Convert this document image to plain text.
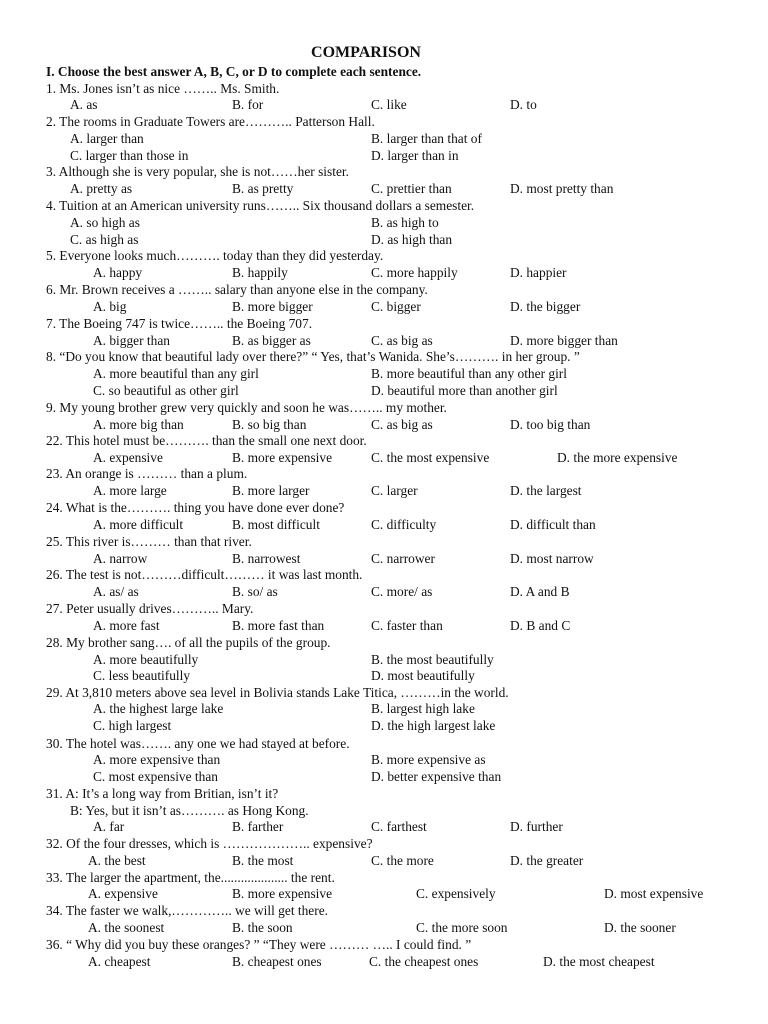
COMPARISON
I. Choose the best answer A, B, C, or D to complete each sentence.
1. Ms. Jones isn’t as nice …….. Ms. Smith.
A. as	B. for	C. like	D. to
2. The rooms in Graduate Towers are……….. Patterson Hall.
A. larger than	B. larger than that of
C. larger than those in	D. larger than in
3. Although she is very popular, she is not……her sister.
A. pretty as	B. as pretty	C. prettier than	D. most pretty than
4. Tuition at an American university runs…….. Six thousand dollars a semester.
A. so high as	B. as high to
C. as high as	D. as high than
5. Everyone looks much………. today than they did yesterday.
A. happy	B. happily	C. more happily	D. happier
6. Mr. Brown receives a …….. salary than anyone else in the company.
A. big	B. more bigger	C. bigger	D. the bigger
7. The Boeing 747 is twice…….. the Boeing 707.
A. bigger than	B. as bigger as	C. as big as	D. more bigger than
8. “Do you know that beautiful lady over there?” “ Yes, that’s Wanida. She’s………. in her group. ”
A. more beautiful than any girl	B. more beautiful than any other girl
C. so beautiful as other girl	D. beautiful more than another girl
9. My young brother grew very quickly and soon he was…….. my mother.
A. more big than	B. so big than	C. as big as	D. too big than
22. This hotel must be………. than the small one next door.
A. expensive	B. more expensive	C. the most expensive	D. the more expensive
23. An orange is ……… than a plum.
A. more large	B. more larger	C. larger	D. the largest
24. What is the………. thing you have done ever done?
A. more difficult	B. most difficult	C. difficulty	D. difficult than
25. This river is……… than that river.
A. narrow	B. narrowest	C. narrower	D. most narrow
26. The test is not………difficult……… it was last month.
A. as/ as	B. so/ as	C. more/ as	D. A and B
27. Peter usually drives……….. Mary.
A. more fast	B. more fast than	C. faster than	D. B and C
28. My brother sang…. of all the pupils of the group.
A. more beautifully	B. the most beautifully
C. less beautifully	D. most beautifully
29. At 3,810 meters above sea level in Bolivia stands Lake Titica, ………in the world.
A. the highest large lake	B. largest high lake
C. high largest	D. the high largest lake
30. The hotel was……. any one we had stayed at before.
A. more expensive than	B. more expensive as
C. most expensive than	D. better expensive than
31. A: It’s a long way from Britian, isn’t it?
B: Yes, but it isn’t as………. as Hong Kong.
A. far	B. farther	C. farthest	D. further
32. Of the four dresses, which is ……………….. expensive?
A. the best	B. the most	C. the more	D. the greater
33. The larger the apartment, the.................... the rent.
A. expensive	B. more expensive	C. expensively	D. most expensive
34. The faster we walk,………….. we will get there.
A. the soonest	B. the soon	C. the more soon	D. the sooner
36. “ Why did you buy these oranges? ” “They were ……… ….. I could find. ”
A. cheapest	B. cheapest ones	C. the cheapest ones	D. the most cheapest
